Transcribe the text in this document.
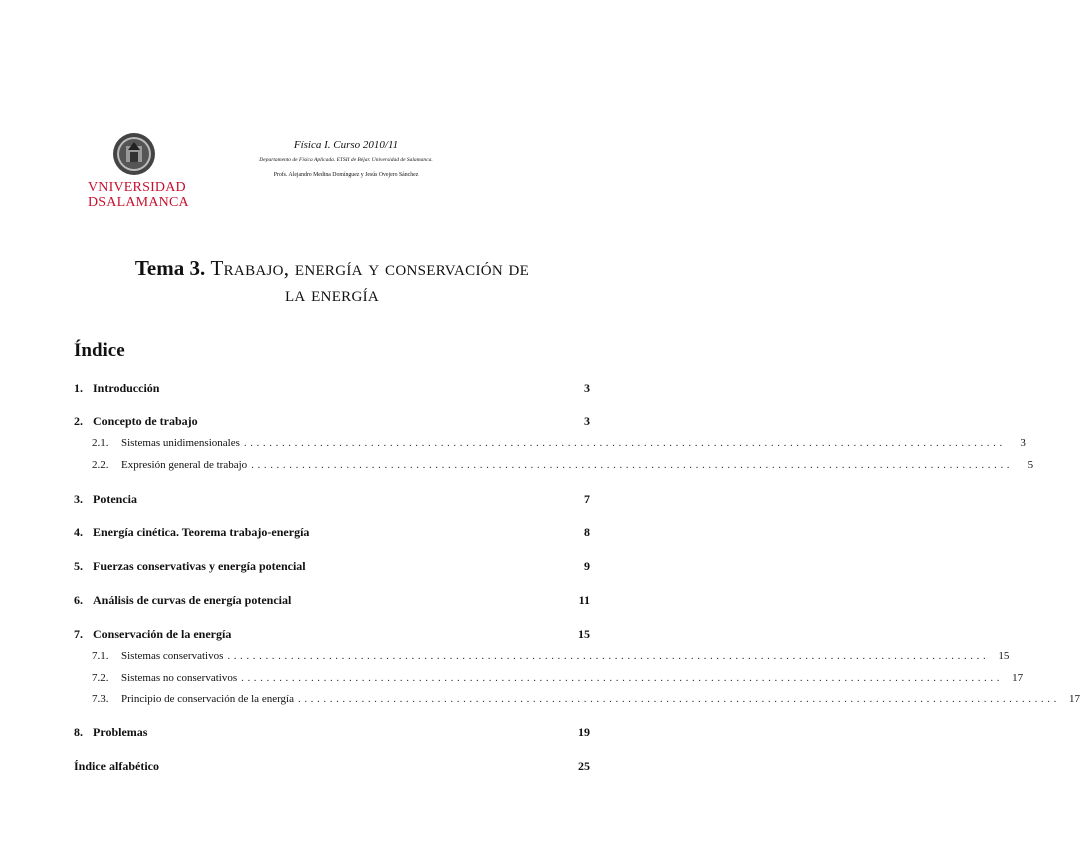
VNIVERSIDAD
DSALAMANCA
Física I. Curso 2010/11
Departamento de Física Aplicada. ETSII de Béjar. Universidad de Salamanca.
Profs. Alejandro Medina Domínguez y Jesús Ovejero Sánchez
Tema 3. Trabajo, energía y conservación de
la energía
Índice
1. Introducción	3
2. Concepto de trabajo	3
2.1.	Sistemas unidimensionales ........................................................................................................................	3
2.2.	Expresión general de trabajo ........................................................................................................................	5
3. Potencia	7
4. Energía cinética. Teorema trabajo-energía	8
5. Fuerzas conservativas y energía potencial	9
6. Análisis de curvas de energía potencial	11
7. Conservación de la energía	15
7.1.	Sistemas conservativos ........................................................................................................................ 15
7.2.	Sistemas no conservativos ........................................................................................................................ 17
7.3.	Principio de conservación de la energía ........................................................................................................................ 17
8. Problemas	19
Índice alfabético	25
